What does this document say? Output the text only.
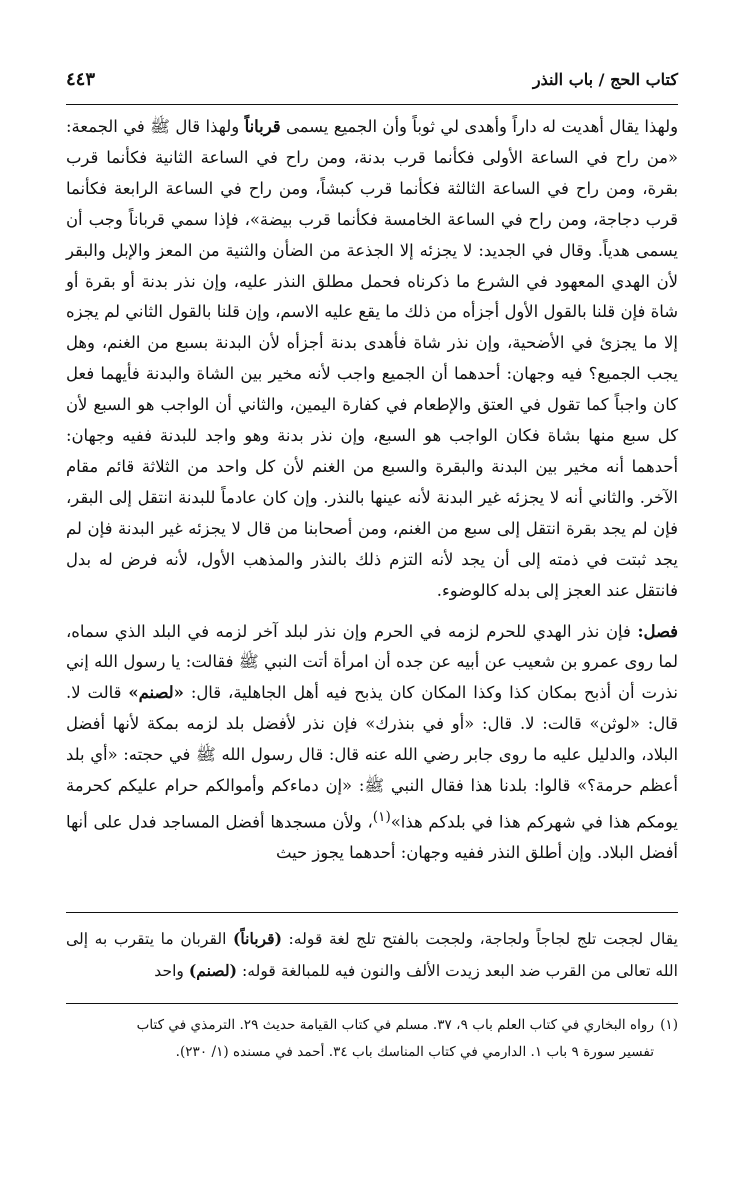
كتاب الحج / باب النذر
٤٤٣

ولهذا يقال أهديت له داراً وأهدى لي ثوباً وأن الجميع يسمى قرباناً ولهذا قال ﷺ في الجمعة: «من راح في الساعة الأولى فكأنما قرب بدنة، ومن راح في الساعة الثانية فكأنما قرب بقرة، ومن راح في الساعة الثالثة فكأنما قرب كبشاً، ومن راح في الساعة الرابعة فكأنما قرب دجاجة، ومن راح في الساعة الخامسة فكأنما قرب بيضة»، فإذا سمي قرباناً وجب أن يسمى هدياً. وقال في الجديد: لا يجزئه إلا الجذعة من الضأن والثنية من المعز والإبل والبقر لأن الهدي المعهود في الشرع ما ذكرناه فحمل مطلق النذر عليه، وإن نذر بدنة أو بقرة أو شاة فإن قلنا بالقول الأول أجزأه من ذلك ما يقع عليه الاسم، وإن قلنا بالقول الثاني لم يجزه إلا ما يجزئ في الأضحية، وإن نذر شاة فأهدى بدنة أجزأه لأن البدنة بسبع من الغنم، وهل يجب الجميع؟ فيه وجهان: أحدهما أن الجميع واجب لأنه مخير بين الشاة والبدنة فأيهما فعل كان واجباً كما تقول في العتق والإطعام في كفارة اليمين، والثاني أن الواجب هو السبع لأن كل سبع منها بشاة فكان الواجب هو السبع، وإن نذر بدنة وهو واجد للبدنة ففيه وجهان: أحدهما أنه مخير بين البدنة والبقرة والسبع من الغنم لأن كل واحد من الثلاثة قائم مقام الآخر. والثاني أنه لا يجزئه غير البدنة لأنه عينها بالنذر. وإن كان عادماً للبدنة انتقل إلى البقر، فإن لم يجد بقرة انتقل إلى سبع من الغنم، ومن أصحابنا من قال لا يجزئه غير البدنة فإن لم يجد ثبتت في ذمته إلى أن يجد لأنه التزم ذلك بالنذر والمذهب الأول، لأنه فرض له بدل فانتقل عند العجز إلى بدله كالوضوء.

فصل: فإن نذر الهدي للحرم لزمه في الحرم وإن نذر لبلد آخر لزمه في البلد الذي سماه، لما روى عمرو بن شعيب عن أبيه عن جده أن امرأة أتت النبي ﷺ فقالت: يا رسول الله إني نذرت أن أذبح بمكان كذا وكذا المكان كان يذبح فيه أهل الجاهلية، قال: «لصنم» قالت لا. قال: «لوثن» قالت: لا. قال: «أو في بنذرك» فإن نذر لأفضل بلد لزمه بمكة لأنها أفضل البلاد، والدليل عليه ما روى جابر رضي الله عنه قال: قال رسول الله ﷺ في حجته: «أي بلد أعظم حرمة؟» قالوا: بلدنا هذا فقال النبي ﷺ: «إن دماءكم وأموالكم حرام عليكم كحرمة يومكم هذا في شهركم هذا في بلدكم هذا»$^{(١)}$، ولأن مسجدها أفضل المساجد فدل على أنها أفضل البلاد. وإن أطلق النذر ففيه وجهان: أحدهما يجوز حيث

يقال لججت تلج لجاجاً ولجاجة، ولججت بالفتح تلج لغة قوله: (قرباناً) القربان ما يتقرب به إلى الله تعالى من القرب ضد البعد زيدت الألف والنون فيه للمبالغة قوله: (لصنم) واحد

(١)رواه البخاري في كتاب العلم باب ٩، ٣٧. مسلم في كتاب القيامة حديث ٢٩. الترمذي في كتاب

تفسير سورة ٩ باب ١. الدارمي في كتاب المناسك باب ٣٤. أحمد في مسنده (١/ ٢٣٠).
